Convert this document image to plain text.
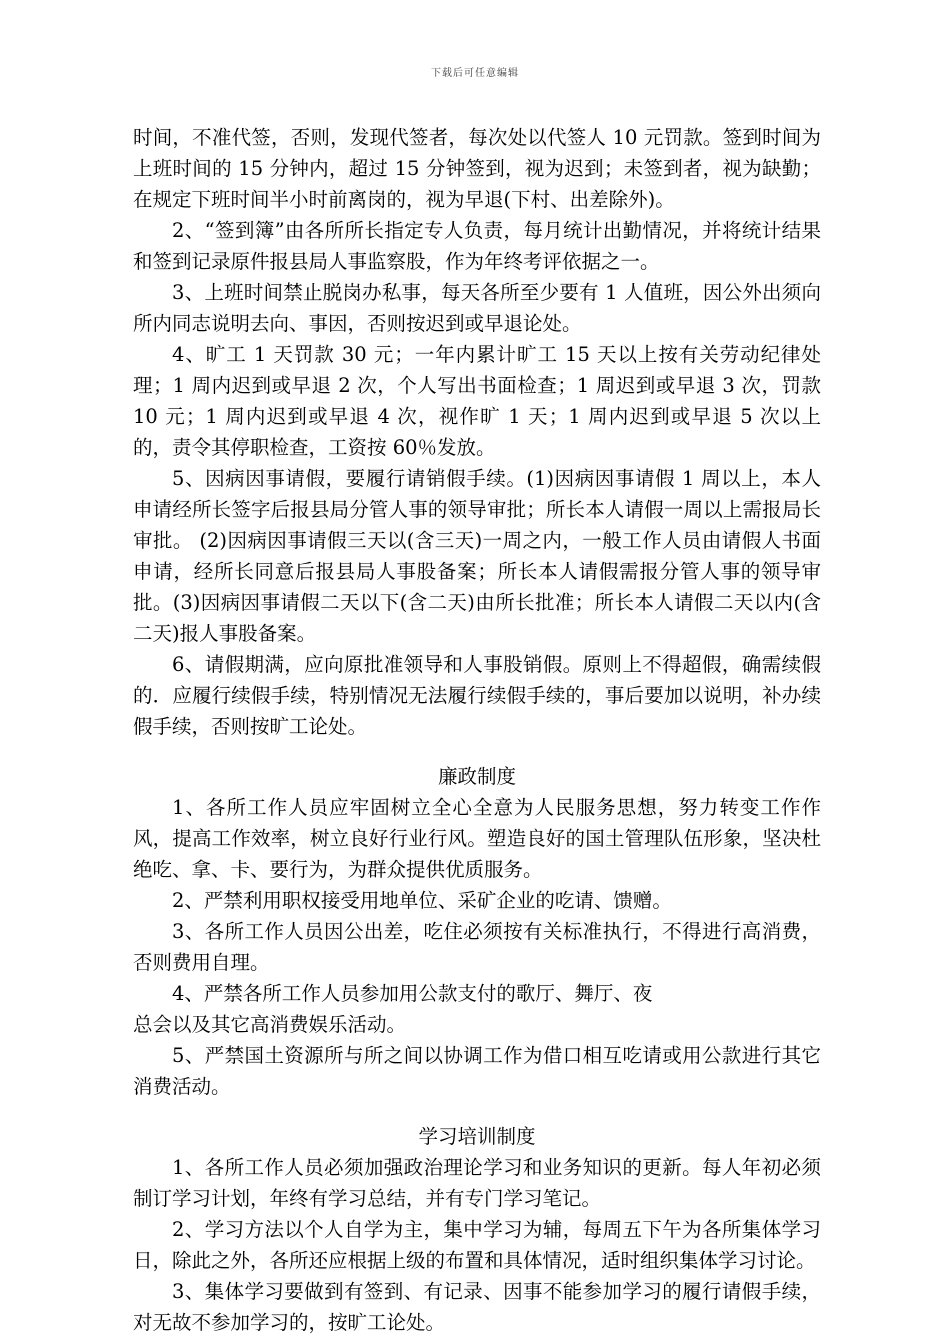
下载后可任意编辑

时间，不准代签，否则，发现代签者，每次处以代签人 10 元罚款。签到时间为上班时间的 15 分钟内，超过 15 分钟签到，视为迟到；未签到者，视为缺勤；在规定下班时间半小时前离岗的，视为早退(下村、出差除外)。

2、“签到簿”由各所所长指定专人负责，每月统计出勤情况，并将统计结果和签到记录原件报县局人事监察股，作为年终考评依据之一。

3、上班时间禁止脱岗办私事，每天各所至少要有 1 人值班，因公外出须向所内同志说明去向、事因，否则按迟到或早退论处。

4、旷工 1 天罚款 30 元；一年内累计旷工 15 天以上按有关劳动纪律处理；1 周内迟到或早退 2 次，个人写出书面检查；1 周迟到或早退 3 次，罚款 10 元；1 周内迟到或早退 4 次，视作旷 1 天；1 周内迟到或早退 5 次以上的，责令其停职检查，工资按 60％发放。

5、因病因事请假，要履行请销假手续。(1)因病因事请假 1 周以上，本人申请经所长签字后报县局分管人事的领导审批；所长本人请假一周以上需报局长审批。 (2)因病因事请假三天以(含三天)一周之内，一般工作人员由请假人书面申请，经所长同意后报县局人事股备案；所长本人请假需报分管人事的领导审批。(3)因病因事请假二天以下(含二天)由所长批准；所长本人请假二天以内(含二天)报人事股备案。

6、请假期满，应向原批准领导和人事股销假。原则上不得超假，确需续假的．应履行续假手续，特别情况无法履行续假手续的，事后要加以说明，补办续假手续，否则按旷工论处。

廉政制度

1、各所工作人员应牢固树立全心全意为人民服务思想，努力转变工作作风，提高工作效率，树立良好行业行风。塑造良好的国土管理队伍形象，坚决杜绝吃、拿、卡、要行为，为群众提供优质服务。

2、严禁利用职权接受用地单位、采矿企业的吃请、馈赠。

3、各所工作人员因公出差，吃住必须按有关标准执行，不得进行高消费，否则费用自理。

4、严禁各所工作人员参加用公款支付的歌厅、舞厅、夜

总会以及其它高消费娱乐活动。

5、严禁国土资源所与所之间以协调工作为借口相互吃请或用公款进行其它消费活动。

学习培训制度

1、各所工作人员必须加强政治理论学习和业务知识的更新。每人年初必须制订学习计划，年终有学习总结，并有专门学习笔记。

2、学习方法以个人自学为主，集中学习为辅，每周五下午为各所集体学习日，除此之外，各所还应根据上级的布置和具体情况，适时组织集体学习讨论。

3、集体学习要做到有签到、有记录、因事不能参加学习的履行请假手续，对无故不参加学习的，按旷工论处。
